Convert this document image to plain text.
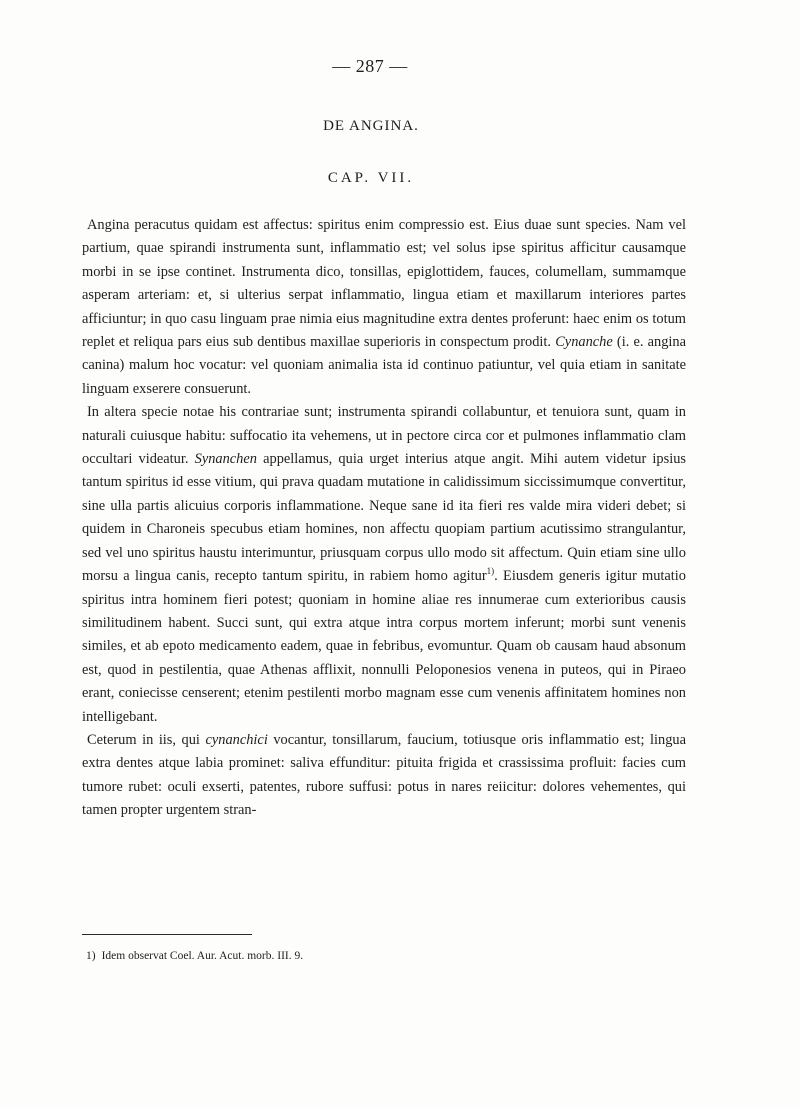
— 287 —
DE ANGINA.
CAP. VII.

Angina peracutus quidam est affectus: spiritus enim compressio est. Eius duae sunt species. Nam vel partium, quae spirandi instrumenta sunt, inflammatio est; vel solus ipse spiritus afficitur causamque morbi in se ipse continet. Instrumenta dico, tonsillas, epiglottidem, fauces, columellam, summamque asperam arteriam: et, si ulterius serpat inflammatio, lingua etiam et maxillarum interiores partes afficiuntur; in quo casu linguam prae nimia eius magnitudine extra dentes proferunt: haec enim os totum replet et reliqua pars eius sub dentibus maxillae superioris in conspectum prodit. Cynanche (i. e. angina canina) malum hoc vocatur: vel quoniam animalia ista id continuo patiuntur, vel quia etiam in sanitate linguam exserere consuerunt.

In altera specie notae his contrariae sunt; instrumenta spirandi collabuntur, et tenuiora sunt, quam in naturali cuiusque habitu: suffocatio ita vehemens, ut in pectore circa cor et pulmones inflammatio clam occultari videatur. Synanchen appellamus, quia urget interius atque angit. Mihi autem videtur ipsius tantum spiritus id esse vitium, qui prava quadam mutatione in calidissimum siccissimumque convertitur, sine ulla partis alicuius corporis inflammatione. Neque sane id ita fieri res valde mira videri debet; si quidem in Charoneis specubus etiam homines, non affectu quopiam partium acutissimo strangulantur, sed vel uno spiritus haustu interimuntur, priusquam corpus ullo modo sit affectum. Quin etiam sine ullo morsu a lingua canis, recepto tantum spiritu, in rabiem homo agitur$^{1)}$. Eiusdem generis igitur mutatio spiritus intra hominem fieri potest; quoniam in homine aliae res innumerae cum exterioribus causis similitudinem habent. Succi sunt, qui extra atque intra corpus mortem inferunt; morbi sunt venenis similes, et ab epoto medicamento eadem, quae in febribus, evomuntur. Quam ob causam haud absonum est, quod in pestilentia, quae Athenas afflixit, nonnulli Peloponesios venena in puteos, qui in Piraeo erant, coniecisse censerent; etenim pestilenti morbo magnam esse cum venenis affinitatem homines non intelligebant.

Ceterum in iis, qui cynanchici vocantur, tonsillarum, faucium, totiusque oris inflammatio est; lingua extra dentes atque labia prominet: saliva effunditur: pituita frigida et crassissima profluit: facies cum tumore rubet: oculi exserti, patentes, rubore suffusi: potus in nares reiicitur: dolores vehementes, qui tamen propter urgentem stran-

1) Idem observat Coel. Aur. Acut. morb. III. 9.
